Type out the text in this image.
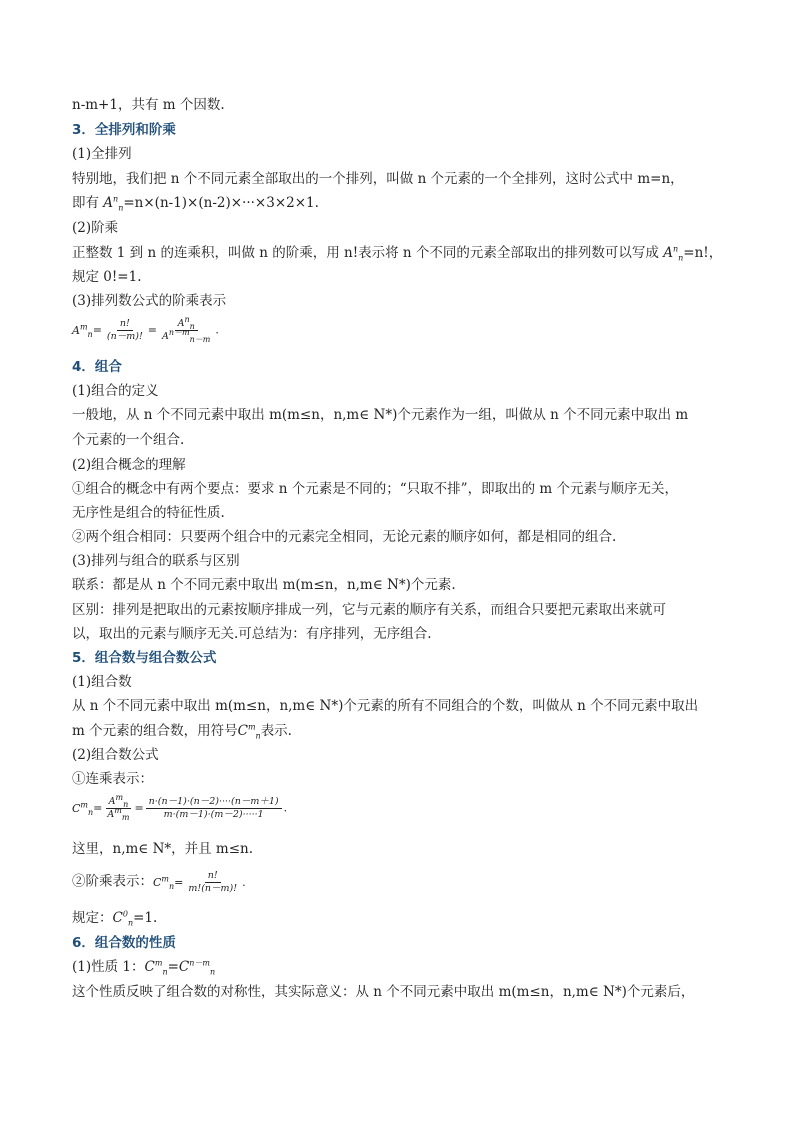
n-m+1，共有 m 个因数.
3．全排列和阶乘
(1)全排列
特别地，我们把 n 个不同元素全部取出的一个排列，叫做 n 个元素的一个全排列，这时公式中 m=n，
即有 $A^n_n=n\times(n-1)\times(n-2)\times\cdot\cdot\cdot\times 3\times 2\times 1$.
(2)阶乘
正整数 1 到 n 的连乘积，叫做 n 的阶乘，用 n!表示将 n 个不同的元素全部取出的排列数可以写成 $A^n_n=n$!，
规定 0!=1.
(3)排列数公式的阶乘表示
$A^m_n= \frac{n!}{(n-m)!} = \frac{A^n_n}{A^{n-m}_{n-m}}$ .
4．组合
(1)组合的定义
一般地，从 n 个不同元素中取出 m(m≤n，n,m∈ N*)个元素作为一组，叫做从 n 个不同元素中取出 m
个元素的一个组合.
(2)组合概念的理解
①组合的概念中有两个要点：要求 n 个元素是不同的；“只取不排”，即取出的 m 个元素与顺序无关，
无序性是组合的特征性质.
②两个组合相同：只要两个组合中的元素完全相同，无论元素的顺序如何，都是相同的组合.
(3)排列与组合的联系与区别
联系：都是从 n 个不同元素中取出 m(m≤n，n,m∈ N*)个元素.
区别：排列是把取出的元素按顺序排成一列，它与元素的顺序有关系，而组合只要把元素取出来就可
以，取出的元素与顺序无关.可总结为：有序排列，无序组合.
5．组合数与组合数公式
(1)组合数
从 n 个不同元素中取出 m(m≤n，n,m∈ N*)个元素的所有不同组合的个数，叫做从 n 个不同元素中取出
m 个元素的组合数，用符号$C^m_n$表示.
(2)组合数公式
①连乘表示：
$C^m_n= \frac{A^m_n}{A^m_m} = \frac{n\cdot(n-1)\cdot(n-2)\cdot\cdot\cdot\cdot(n-m+1)}{m\cdot(m-1)\cdot(m-2)\cdot\cdot\cdot\cdot\cdot 1}$ .
这里，n,m∈ N*，并且 m≤n.
②阶乘表示：$C^m_n= \frac{n!}{m!(n-m)!}$ .
规定：$C^0_n=1$.
6．组合数的性质
(1)性质 1：$C^m_n=C^{n-m}_n$
这个性质反映了组合数的对称性，其实际意义：从 n 个不同元素中取出 m(m≤n，n,m∈ N*)个元素后，
